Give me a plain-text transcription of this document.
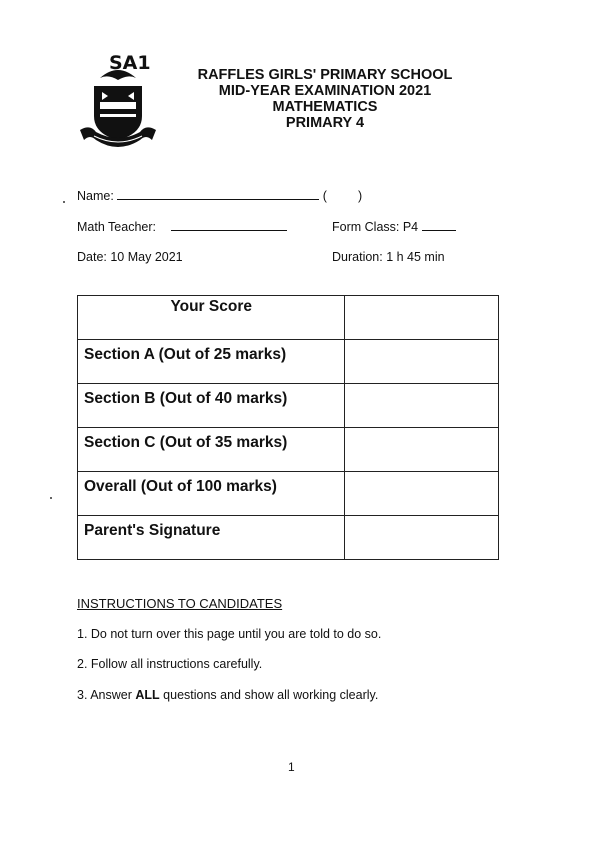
SA1
RAFFLES GIRLS' PRIMARY SCHOOL
MID-YEAR EXAMINATION 2021
MATHEMATICS
PRIMARY 4
Name:	( )
Math Teacher:	Form Class: P4
Date: 10 May 2021	Duration: 1 h 45 min
Your Score	
Section A (Out of 25 marks)	
Section B (Out of 40 marks)	
Section C (Out of 35 marks)	
Overall (Out of 100 marks)	
Parent's Signature	
INSTRUCTIONS TO CANDIDATES
1. Do not turn over this page until you are told to do so.
2. Follow all instructions carefully.
3. Answer ALL questions and show all working clearly.
1
